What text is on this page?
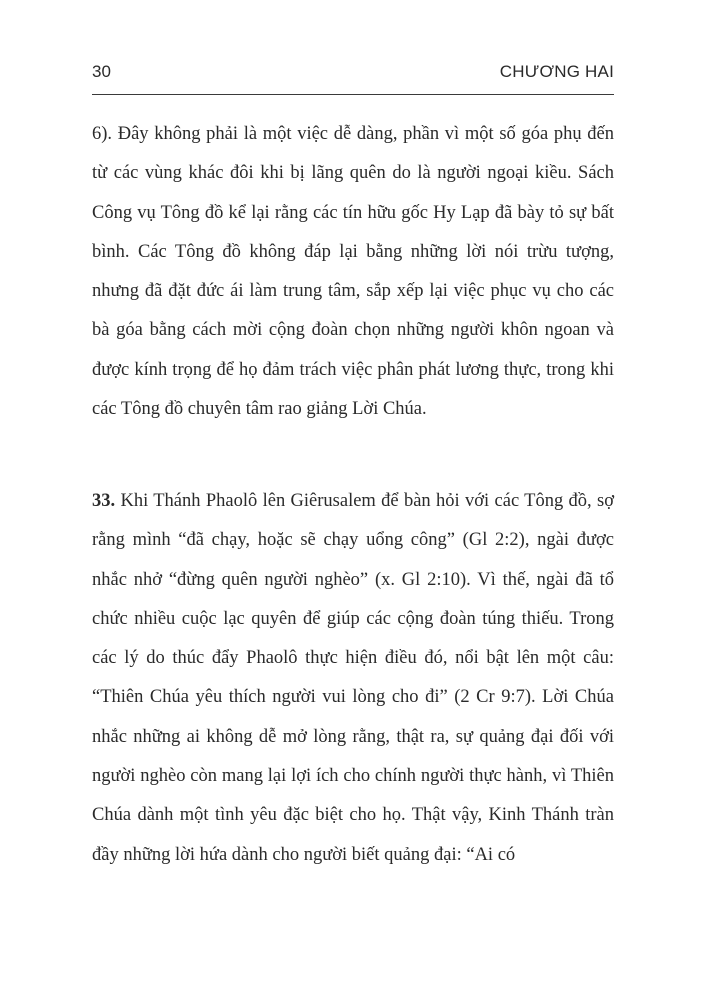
30	CHƯƠNG HAI

6). Đây không phải là một việc dễ dàng, phần vì một số góa phụ đến từ các vùng khác đôi khi bị lãng quên do là người ngoại kiều. Sách Công vụ Tông đồ kể lại rằng các tín hữu gốc Hy Lạp đã bày tỏ sự bất bình. Các Tông đồ không đáp lại bằng những lời nói trừu tượng, nhưng đã đặt đức ái làm trung tâm, sắp xếp lại việc phục vụ cho các bà góa bằng cách mời cộng đoàn chọn những người khôn ngoan và được kính trọng để họ đảm trách việc phân phát lương thực, trong khi các Tông đồ chuyên tâm rao giảng Lời Chúa.

33. Khi Thánh Phaolô lên Giêrusalem để bàn hỏi với các Tông đồ, sợ rằng mình “đã chạy, hoặc sẽ chạy uổng công” (Gl 2:2), ngài được nhắc nhở “đừng quên người nghèo” (x. Gl 2:10). Vì thế, ngài đã tổ chức nhiều cuộc lạc quyên để giúp các cộng đoàn túng thiếu. Trong các lý do thúc đẩy Phaolô thực hiện điều đó, nổi bật lên một câu: “Thiên Chúa yêu thích người vui lòng cho đi” (2 Cr 9:7). Lời Chúa nhắc những ai không dễ mở lòng rằng, thật ra, sự quảng đại đối với người nghèo còn mang lại lợi ích cho chính người thực hành, vì Thiên Chúa dành một tình yêu đặc biệt cho họ. Thật vậy, Kinh Thánh tràn đầy những lời hứa dành cho người biết quảng đại: “Ai có
